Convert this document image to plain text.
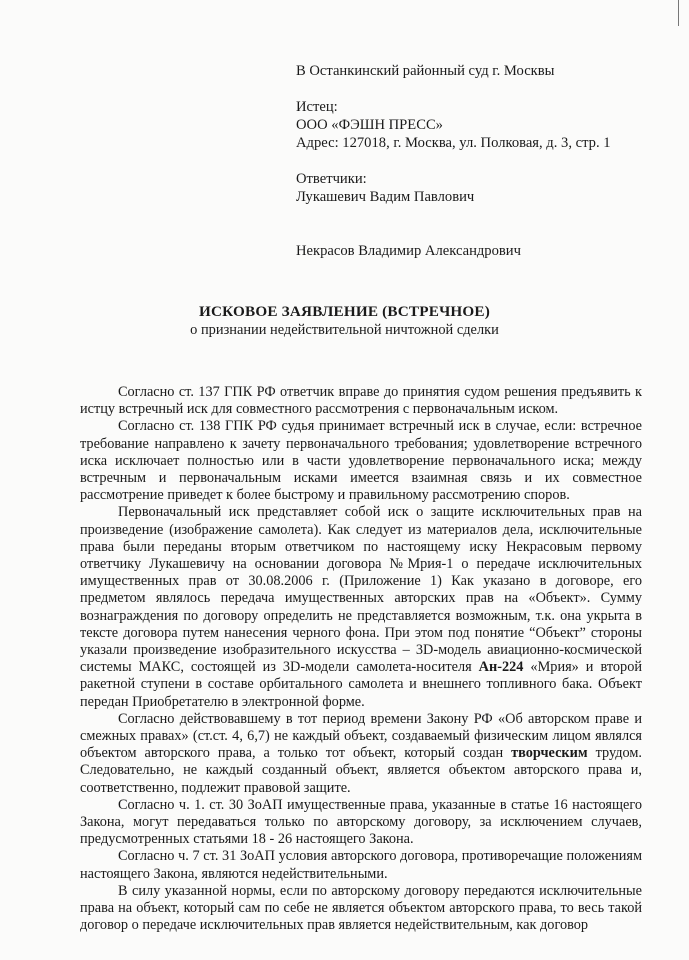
В Останкинский районный суд г. Москвы
Истец:
ООО «ФЭШН ПРЕСС»
Адрес: 127018, г. Москва, ул. Полковая, д. 3, стр. 1
Ответчики:
Лукашевич Вадим Павлович
Некрасов Владимир Александрович
ИСКОВОЕ ЗАЯВЛЕНИЕ (ВСТРЕЧНОЕ)
о признании недействительной ничтожной сделки

Согласно ст. 137 ГПК РФ ответчик вправе до принятия судом решения предъявить к истцу встречный иск для совместного рассмотрения с первоначальным иском.

Согласно ст. 138 ГПК РФ судья принимает встречный иск в случае, если: встречное требование направлено к зачету первоначального требования; удовлетворение встречного иска исключает полностью или в части удовлетворение первоначального иска; между встречным и первоначальным исками имеется взаимная связь и их совместное рассмотрение приведет к более быстрому и правильному рассмотрению споров.

Первоначальный иск представляет собой иск о защите исключительных прав на произведение (изображение самолета). Как следует из материалов дела, исключительные права были переданы вторым ответчиком по настоящему иску Некрасовым первому ответчику Лукашевичу на основании договора №Мрия-1 о передаче исключительных имущественных прав от 30.08.2006 г. (Приложение 1) Как указано в договоре, его предметом являлось передача имущественных авторских прав на «Объект». Сумму вознаграждения по договору определить не представляется возможным, т.к. она укрыта в тексте договора путем нанесения черного фона. При этом под понятие “Объект” стороны указали произведение изобразительного искусства – 3D-модель авиационно-космической системы МАКС, состоящей из 3D-модели самолета-носителя Ан-224 «Мрия» и второй ракетной ступени в составе орбитального самолета и внешнего топливного бака. Объект передан Приобретателю в электронной форме.

Согласно действовавшему в тот период времени Закону РФ «Об авторском праве и смежных правах» (ст.ст. 4, 6,7) не каждый объект, создаваемый физическим лицом являлся объектом авторского права, а только тот объект, который создан творческим трудом. Следовательно, не каждый созданный объект, является объектом авторского права и, соответственно, подлежит правовой защите.

Согласно ч. 1. ст. 30 ЗоАП имущественные права, указанные в статье 16 настоящего Закона, могут передаваться только по авторскому договору, за исключением случаев, предусмотренных статьями 18 - 26 настоящего Закона.

Согласно ч. 7 ст. 31 ЗоАП условия авторского договора, противоречащие положениям настоящего Закона, являются недействительными.

В силу указанной нормы, если по авторскому договору передаются исключительные права на объект, который сам по себе не является объектом авторского права, то весь такой договор о передаче исключительных прав является недействительным, как договор
